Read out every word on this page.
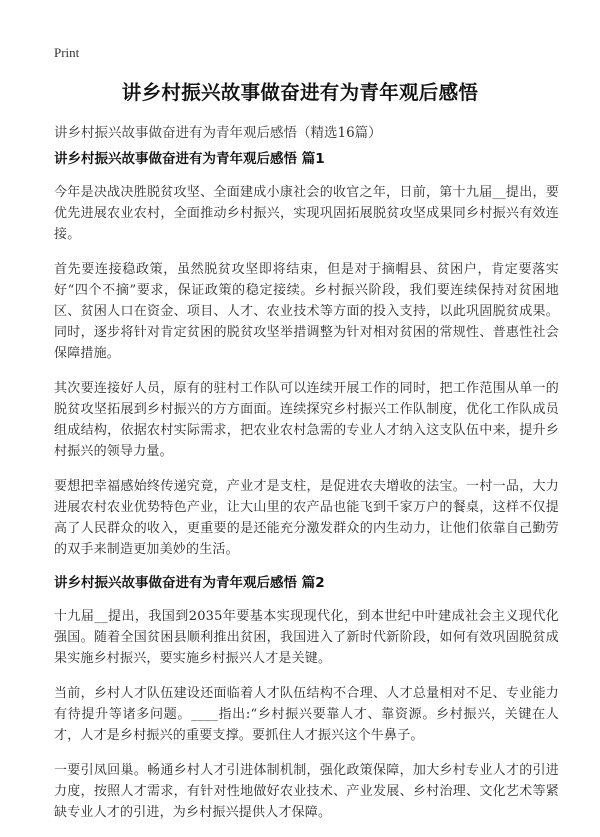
Print
讲乡村振兴故事做奋进有为青年观后感悟
讲乡村振兴故事做奋进有为青年观后感悟（精选16篇）
讲乡村振兴故事做奋进有为青年观后感悟 篇1

今年是决战决胜脱贫攻坚、全面建成小康社会的收官之年，日前，第十九届__提出，要优先进展农业农村，全面推动乡村振兴，实现巩固拓展脱贫攻坚成果同乡村振兴有效连接。

首先要连接稳政策，虽然脱贫攻坚即将结束，但是对于摘帽县、贫困户，肯定要落实好“四个不摘”要求，保证政策的稳定接续。乡村振兴阶段，我们要连续保持对贫困地区、贫困人口在资金、项目、人才、农业技术等方面的投入支持，以此巩固脱贫成果。同时，逐步将针对肯定贫困的脱贫攻坚举措调整为针对相对贫困的常规性、普惠性社会保障措施。

其次要连接好人员，原有的驻村工作队可以连续开展工作的同时，把工作范围从单一的脱贫攻坚拓展到乡村振兴的方方面面。连续探究乡村振兴工作队制度，优化工作队成员组成结构，依据农村实际需求，把农业农村急需的专业人才纳入这支队伍中来，提升乡村振兴的领导力量。

要想把幸福感始终传递究竟，产业才是支柱，是促进农夫增收的法宝。一村一品，大力进展农村农业优势特色产业，让大山里的农产品也能飞到千家万户的餐桌，这样不仅提高了人民群众的收入，更重要的是还能充分激发群众的内生动力，让他们依靠自己勤劳的双手来制造更加美妙的生活。

讲乡村振兴故事做奋进有为青年观后感悟 篇2

十九届__提出，我国到2035年要基本实现现代化，到本世纪中叶建成社会主义现代化强国。随着全国贫困县顺利推出贫困，我国进入了新时代新阶段，如何有效巩固脱贫成果实施乡村振兴，要实施乡村振兴人才是关键。

当前，乡村人才队伍建设还面临着人才队伍结构不合理、人才总量相对不足、专业能力有待提升等诸多问题。____指出:“乡村振兴要靠人才、靠资源。乡村振兴，关键在人才，人才是乡村振兴的重要支撑。要抓住人才振兴这个牛鼻子。

一要引凤回巢。畅通乡村人才引进体制机制，强化政策保障，加大乡村专业人才的引进力度，按照人才需求，有针对性地做好农业技术、产业发展、乡村治理、文化艺术等紧缺专业人才的引进，为乡村振兴提供人才保障。
